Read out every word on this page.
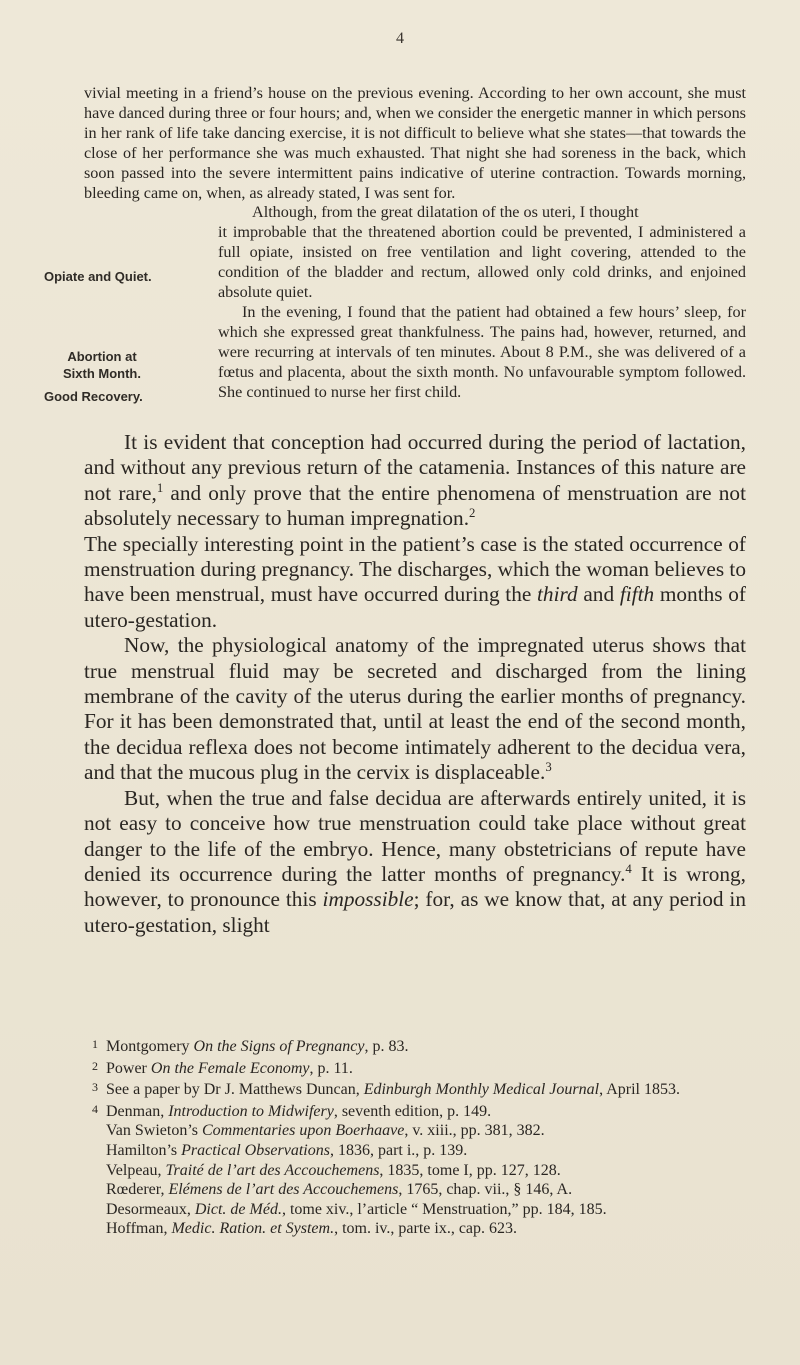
4

vivial meeting in a friend’s house on the previous evening. According to her own account, she must have danced during three or four hours; and, when we consider the energetic manner in which persons in her rank of life take dancing exercise, it is not difficult to believe what she states—that towards the close of her performance she was much exhausted. That night she had soreness in the back, which soon passed into the severe intermittent pains indicative of uterine contraction. Towards morning, bleeding came on, when, as already stated, I was sent for.

Although, from the great dilatation of the os uteri, I thought

it improbable that the threatened abortion could be prevented, I administered a full opiate, insisted on free ventilation and light covering, attended to the condition of the bladder and rectum, allowed only cold drinks, and enjoined absolute quiet.

In the evening, I found that the patient had obtained a few hours’ sleep, for which she expressed great thankfulness. The pains had, however, returned, and were recurring at intervals of ten minutes. About 8 P.M., she was delivered of a fœtus and placenta, about the sixth month. No unfavourable symptom followed. She continued to nurse her first child.

Opiate and Quiet.
Abortion at
Sixth Month.
Good Recovery.

It is evident that conception had occurred during the period of lactation, and without any previous return of the catamenia. Instances of this nature are not rare,$^1$ and only prove that the entire phenomena of menstruation are not absolutely necessary to human impregnation.$^2$

The specially interesting point in the patient’s case is the stated occurrence of menstruation during pregnancy. The discharges, which the woman believes to have been menstrual, must have occurred during the third and fifth months of utero-gestation.

Now, the physiological anatomy of the impregnated uterus shows that true menstrual fluid may be secreted and discharged from the lining membrane of the cavity of the uterus during the earlier months of pregnancy. For it has been demonstrated that, until at least the end of the second month, the decidua reflexa does not become intimately adherent to the decidua vera, and that the mucous plug in the cervix is displaceable.$^3$

But, when the true and false decidua are afterwards entirely united, it is not easy to conceive how true menstruation could take place without great danger to the life of the embryo. Hence, many obstetricians of repute have denied its occurrence during the latter months of pregnancy.$^4$ It is wrong, however, to pronounce this impossible; for, as we know that, at any period in utero-gestation, slight

1 Montgomery On the Signs of Pregnancy, p. 83.

2 Power On the Female Economy, p. 11.

3 See a paper by Dr J. Matthews Duncan, Edinburgh Monthly Medical Journal, April 1853.

4 Denman, Introduction to Midwifery, seventh edition, p. 149.

Van Swieton’s Commentaries upon Boerhaave, v. xiii., pp. 381, 382.

Hamilton’s Practical Observations, 1836, part i., p. 139.

Velpeau, Traité de l’art des Accouchemens, 1835, tome I, pp. 127, 128.

Rœderer, Elémens de l’art des Accouchemens, 1765, chap. vii., § 146, A.

Desormeaux, Dict. de Méd., tome xiv., l’article “ Menstruation,” pp. 184, 185.

Hoffman, Medic. Ration. et System., tom. iv., parte ix., cap. 623.
